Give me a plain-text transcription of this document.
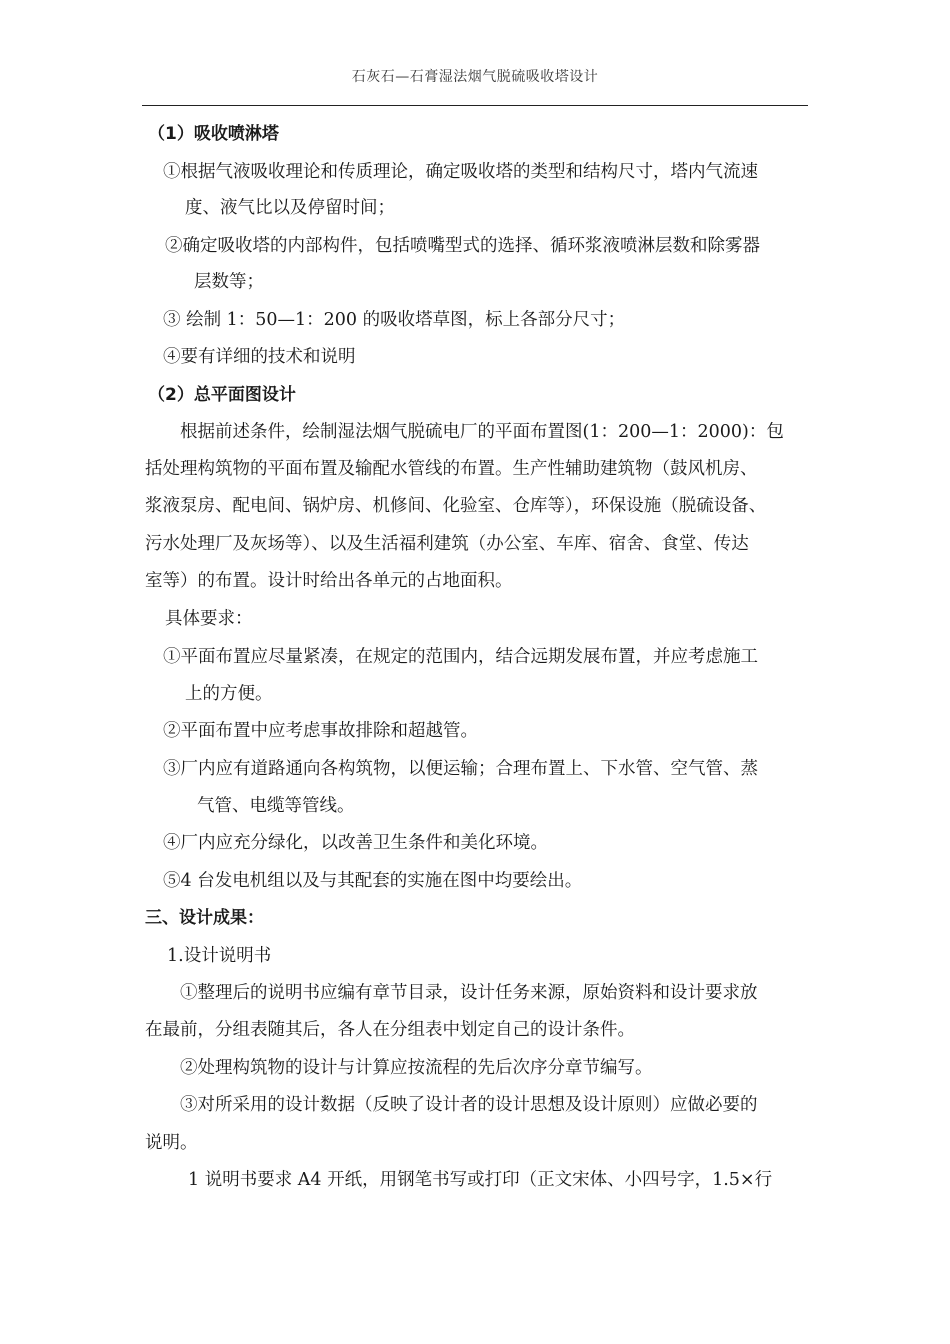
石灰石—石膏湿法烟气脱硫吸收塔设计
（1）吸收喷淋塔
①根据气液吸收理论和传质理论，确定吸收塔的类型和结构尺寸，塔内气流速
度、液气比以及停留时间；
②确定吸收塔的内部构件，包括喷嘴型式的选择、循环浆液喷淋层数和除雾器
层数等；
③ 绘制 1：50—1：200 的吸收塔草图，标上各部分尺寸；
④要有详细的技术和说明
（2）总平面图设计
根据前述条件，绘制湿法烟气脱硫电厂的平面布置图(1：200—1：2000)：包
括处理构筑物的平面布置及输配水管线的布置。生产性辅助建筑物（鼓风机房、
浆液泵房、配电间、锅炉房、机修间、化验室、仓库等），环保设施（脱硫设备、
污水处理厂及灰场等）、以及生活福利建筑（办公室、车库、宿舍、食堂、传达
室等）的布置。设计时给出各单元的占地面积。
具体要求：
①平面布置应尽量紧凑，在规定的范围内，结合远期发展布置，并应考虑施工
上的方便。
②平面布置中应考虑事故排除和超越管。
③厂内应有道路通向各构筑物，以便运输；合理布置上、下水管、空气管、蒸
气管、电缆等管线。
④厂内应充分绿化，以改善卫生条件和美化环境。
⑤4 台发电机组以及与其配套的实施在图中均要绘出。
三、设计成果：
1.设计说明书
①整理后的说明书应编有章节目录，设计任务来源，原始资料和设计要求放
在最前，分组表随其后，各人在分组表中划定自己的设计条件。
②处理构筑物的设计与计算应按流程的先后次序分章节编写。
③对所采用的设计数据（反映了设计者的设计思想及设计原则）应做必要的
说明。
1 说明书要求 A4 开纸，用钢笔书写或打印（正文宋体、小四号字，1.5×行
